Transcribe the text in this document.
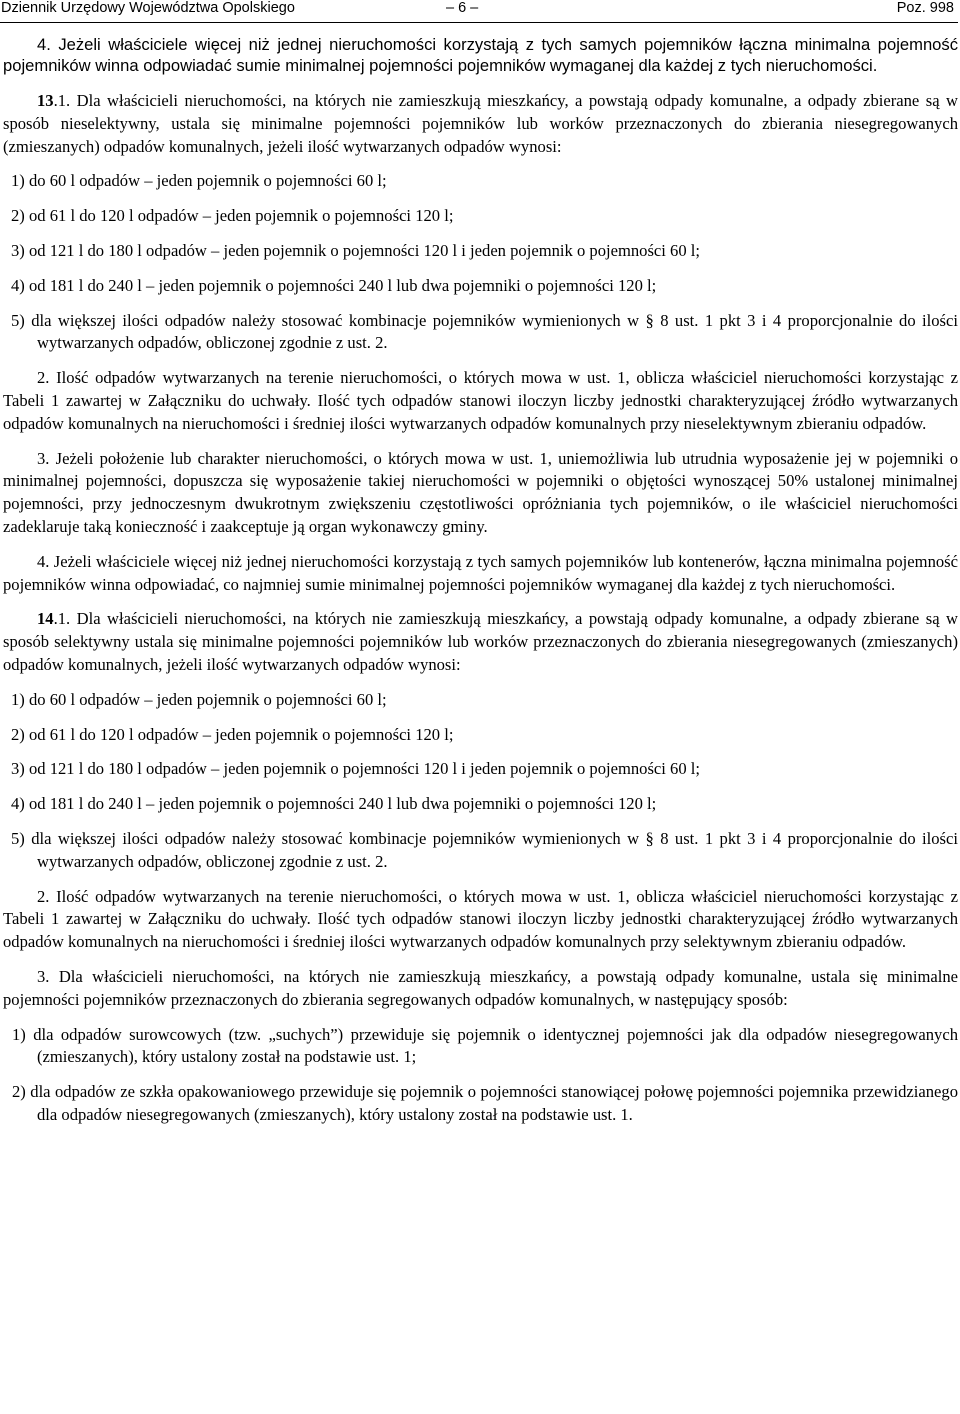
Dziennik Urzędowy Województwa Opolskiego	– 6 –	Poz. 998

4. Jeżeli właściciele więcej niż jednej nieruchomości korzystają z tych samych pojemników łączna minimalna pojemność pojemników winna odpowiadać sumie minimalnej pojemności pojemników wymaganej dla każdej z tych nieruchomości.

13.1. Dla właścicieli nieruchomości, na których nie zamieszkują mieszkańcy, a powstają odpady komunalne, a odpady zbierane są w sposób nieselektywny, ustala się minimalne pojemności pojemników lub worków przeznaczonych do zbierania niesegregowanych (zmieszanych) odpadów komunalnych, jeżeli ilość wytwarzanych odpadów wynosi:

1) do 60 l odpadów – jeden pojemnik o pojemności 60 l;

2) od 61 l do 120 l odpadów – jeden pojemnik o pojemności 120 l;

3) od 121 l do 180 l odpadów – jeden pojemnik o pojemności 120 l i jeden pojemnik o pojemności 60 l;

4) od 181 l do 240 l – jeden pojemnik o pojemności 240 l lub dwa pojemniki o pojemności 120 l;

5) dla większej ilości odpadów należy stosować kombinacje pojemników wymienionych w § 8 ust. 1 pkt 3 i 4 proporcjonalnie do ilości wytwarzanych odpadów, obliczonej zgodnie z ust. 2.

2. Ilość odpadów wytwarzanych na terenie nieruchomości, o których mowa w ust. 1, oblicza właściciel nieruchomości korzystając z Tabeli 1 zawartej w Załączniku do uchwały. Ilość tych odpadów stanowi iloczyn liczby jednostki charakteryzującej źródło wytwarzanych odpadów komunalnych na nieruchomości i średniej ilości wytwarzanych odpadów komunalnych przy nieselektywnym zbieraniu odpadów.

3. Jeżeli położenie lub charakter nieruchomości, o których mowa w ust. 1, uniemożliwia lub utrudnia wyposażenie jej w pojemniki o minimalnej pojemności, dopuszcza się wyposażenie takiej nieruchomości w pojemniki o objętości wynoszącej 50% ustalonej minimalnej pojemności, przy jednoczesnym dwukrotnym zwiększeniu częstotliwości opróżniania tych pojemników, o ile właściciel nieruchomości zadeklaruje taką konieczność i zaakceptuje ją organ wykonawczy gminy.

4. Jeżeli właściciele więcej niż jednej nieruchomości korzystają z tych samych pojemników lub kontenerów, łączna minimalna pojemność pojemników winna odpowiadać, co najmniej sumie minimalnej pojemności pojemników wymaganej dla każdej z tych nieruchomości.

14.1. Dla właścicieli nieruchomości, na których nie zamieszkują mieszkańcy, a powstają odpady komunalne, a odpady zbierane są w sposób selektywny ustala się minimalne pojemności pojemników lub worków przeznaczonych do zbierania niesegregowanych (zmieszanych) odpadów komunalnych, jeżeli ilość wytwarzanych odpadów wynosi:

1) do 60 l odpadów – jeden pojemnik o pojemności 60 l;

2) od 61 l do 120 l odpadów – jeden pojemnik o pojemności 120 l;

3) od 121 l do 180 l odpadów – jeden pojemnik o pojemności 120 l i jeden pojemnik o pojemności 60 l;

4) od 181 l do 240 l – jeden pojemnik o pojemności 240 l lub dwa pojemniki o pojemności 120 l;

5) dla większej ilości odpadów należy stosować kombinacje pojemników wymienionych w § 8 ust. 1 pkt 3 i 4 proporcjonalnie do ilości wytwarzanych odpadów, obliczonej zgodnie z ust. 2.

2. Ilość odpadów wytwarzanych na terenie nieruchomości, o których mowa w ust. 1, oblicza właściciel nieruchomości korzystając z Tabeli 1 zawartej w Załączniku do uchwały. Ilość tych odpadów stanowi iloczyn liczby jednostki charakteryzującej źródło wytwarzanych odpadów komunalnych na nieruchomości i średniej ilości wytwarzanych odpadów komunalnych przy selektywnym zbieraniu odpadów.

3. Dla właścicieli nieruchomości, na których nie zamieszkują mieszkańcy, a powstają odpady komunalne, ustala się minimalne pojemności pojemników przeznaczonych do zbierania segregowanych odpadów komunalnych, w następujący sposób:

1) dla odpadów surowcowych (tzw. „suchych”) przewiduje się pojemnik o identycznej pojemności jak dla odpadów niesegregowanych (zmieszanych), który ustalony został na podstawie ust. 1;

2) dla odpadów ze szkła opakowaniowego przewiduje się pojemnik o pojemności stanowiącej połowę pojemności pojemnika przewidzianego dla odpadów niesegregowanych (zmieszanych), który ustalony został na podstawie ust. 1.
